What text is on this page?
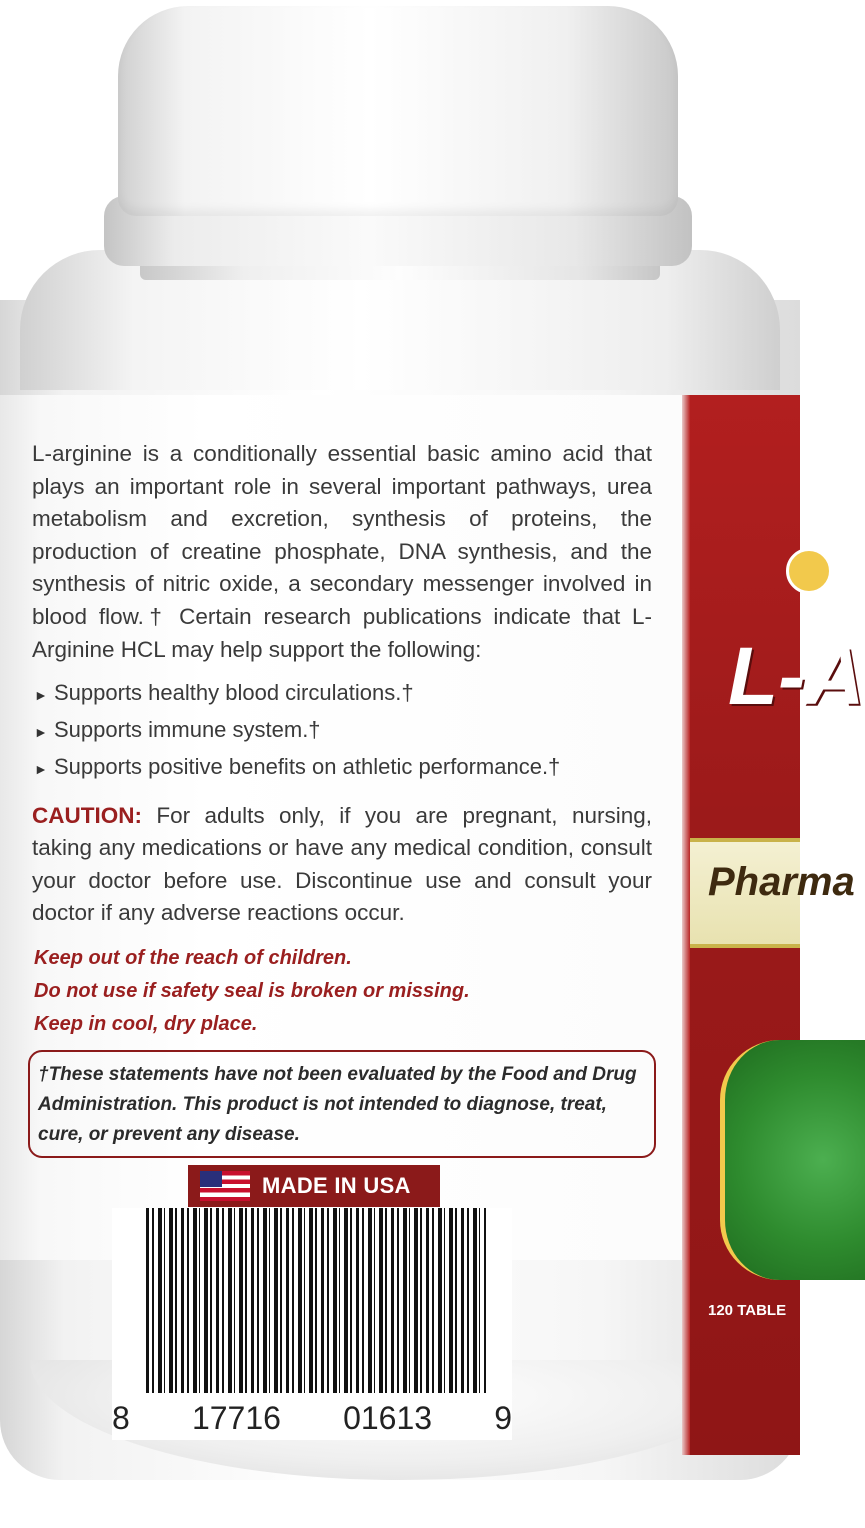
L-arginine is a conditionally essential basic amino acid that plays an important role in several important pathways, urea metabolism and excretion, synthesis of proteins, the production of creatine phosphate, DNA synthesis, and the synthesis of nitric oxide, a secondary messenger involved in blood flow.† Certain research publications indicate that L-Arginine HCL may help support the following:
► Supports healthy blood circulations.†
► Supports immune system.†
► Supports positive benefits on athletic performance.†
CAUTION: For adults only, if you are pregnant, nursing, taking any medications or have any medical condition, consult your doctor before use. Discontinue use and consult your doctor if any adverse reactions occur.
Keep out of the reach of children.
Do not use if safety seal is broken or missing.
Keep in cool, dry place.
†These statements have not been evaluated by the Food and Drug Administration. This product is not intended to diagnose, treat, cure, or prevent any disease.
MADE IN USA
8 17716 01613 9
L-A
Pharma
120 TABLE
